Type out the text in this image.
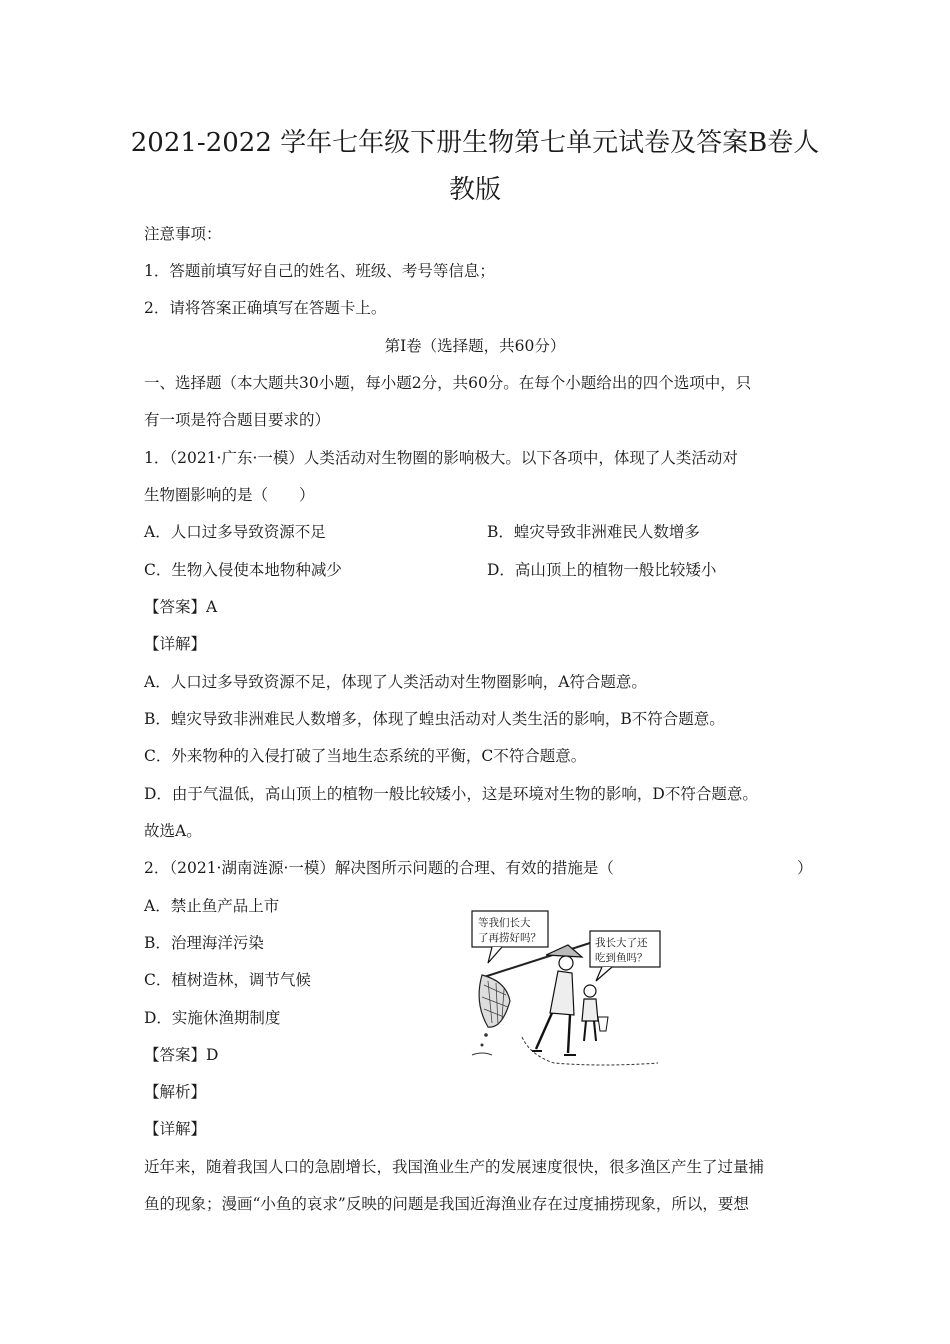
2021-2022 学年七年级下册生物第七单元试卷及答案B卷人
教版
注意事项：
1．答题前填写好自己的姓名、班级、考号等信息；
2．请将答案正确填写在答题卡上。
第I卷（选择题，共60分）
一、选择题（本大题共30小题，每小题2分，共60分。在每个小题给出的四个选项中，只
有一项是符合题目要求的）
1．（2021·广东·一模）人类活动对生物圈的影响极大。以下各项中，体现了人类活动对
生物圈影响的是（　　）
A．人口过多导致资源不足	B．蝗灾导致非洲难民人数增多
C．生物入侵使本地物种减少	D．高山顶上的植物一般比较矮小
【答案】A
【详解】
A．人口过多导致资源不足，体现了人类活动对生物圈影响，A符合题意。
B．蝗灾导致非洲难民人数增多，体现了蝗虫活动对人类生活的影响，B不符合题意。
C．外来物种的入侵打破了当地生态系统的平衡，C不符合题意。
D．由于气温低，高山顶上的植物一般比较矮小，这是环境对生物的影响，D不符合题意。
故选A。
2．（2021·湖南涟源·一模）解决图所示问题的合理、有效的措施是（	）
A．禁止鱼产品上市
B．治理海洋污染
C．植树造林，调节气候
D．实施休渔期制度
【答案】D
【解析】
【详解】
近年来，随着我国人口的急剧增长，我国渔业生产的发展速度很快，很多渔区产生了过量捕
鱼的现象；漫画“小鱼的哀求”反映的问题是我国近海渔业存在过度捕捞现象，所以，要想
等我们长大
了再捞好吗？	我长大了还
吃到鱼吗？
